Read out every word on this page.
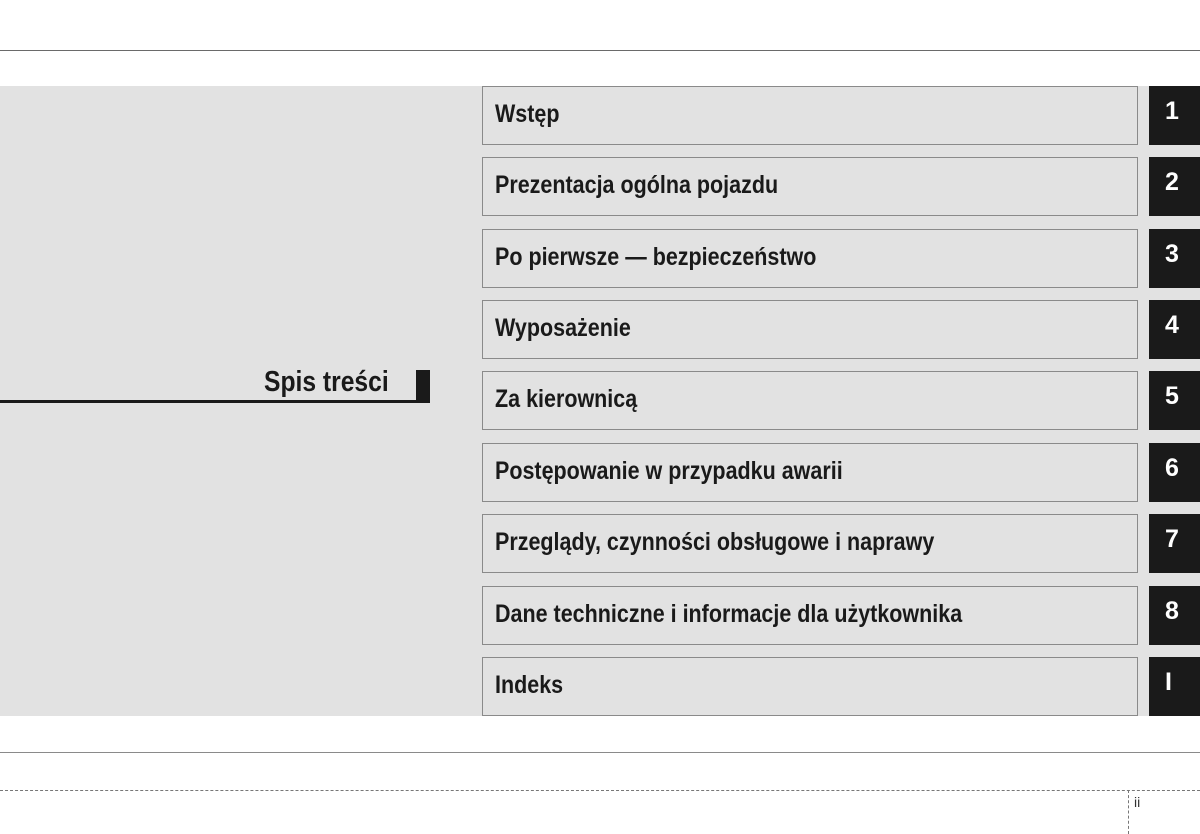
Spis treści
Wstęp	1
Prezentacja ogólna pojazdu	2
Po pierwsze — bezpieczeństwo	3
Wyposażenie	4
Za kierownicą	5
Postępowanie w przypadku awarii	6
Przeglądy, czynności obsługowe i naprawy	7
Dane techniczne i informacje dla użytkownika	8
Indeks	I
ii
